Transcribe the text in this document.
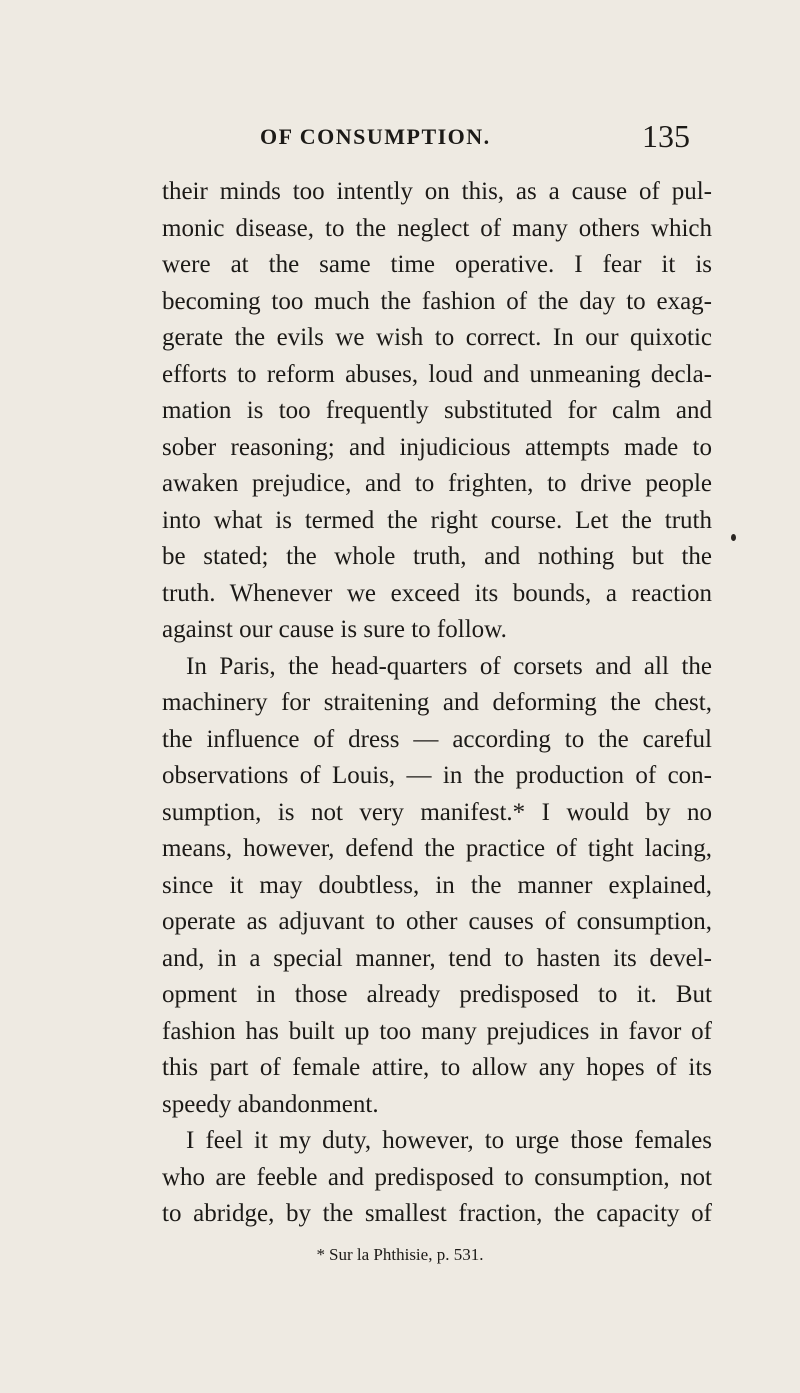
OF CONSUMPTION.	135
their minds too intently on this, as a cause of pul-
monic disease, to the neglect of many others which
were at the same time operative. I fear it is
becoming too much the fashion of the day to exag-
gerate the evils we wish to correct. In our quixotic
efforts to reform abuses, loud and unmeaning decla-
mation is too frequently substituted for calm and
sober reasoning; and injudicious attempts made to
awaken prejudice, and to frighten, to drive people
into what is termed the right course. Let the truth
be stated; the whole truth, and nothing but the
truth. Whenever we exceed its bounds, a reaction
against our cause is sure to follow.
In Paris, the head-quarters of corsets and all the
machinery for straitening and deforming the chest,
the influence of dress — according to the careful
observations of Louis, — in the production of con-
sumption, is not very manifest.* I would by no
means, however, defend the practice of tight lacing,
since it may doubtless, in the manner explained,
operate as adjuvant to other causes of consumption,
and, in a special manner, tend to hasten its devel-
opment in those already predisposed to it. But
fashion has built up too many prejudices in favor of
this part of female attire, to allow any hopes of its
speedy abandonment.
I feel it my duty, however, to urge those females
who are feeble and predisposed to consumption, not
to abridge, by the smallest fraction, the capacity of
* Sur la Phthisie, p. 531.
